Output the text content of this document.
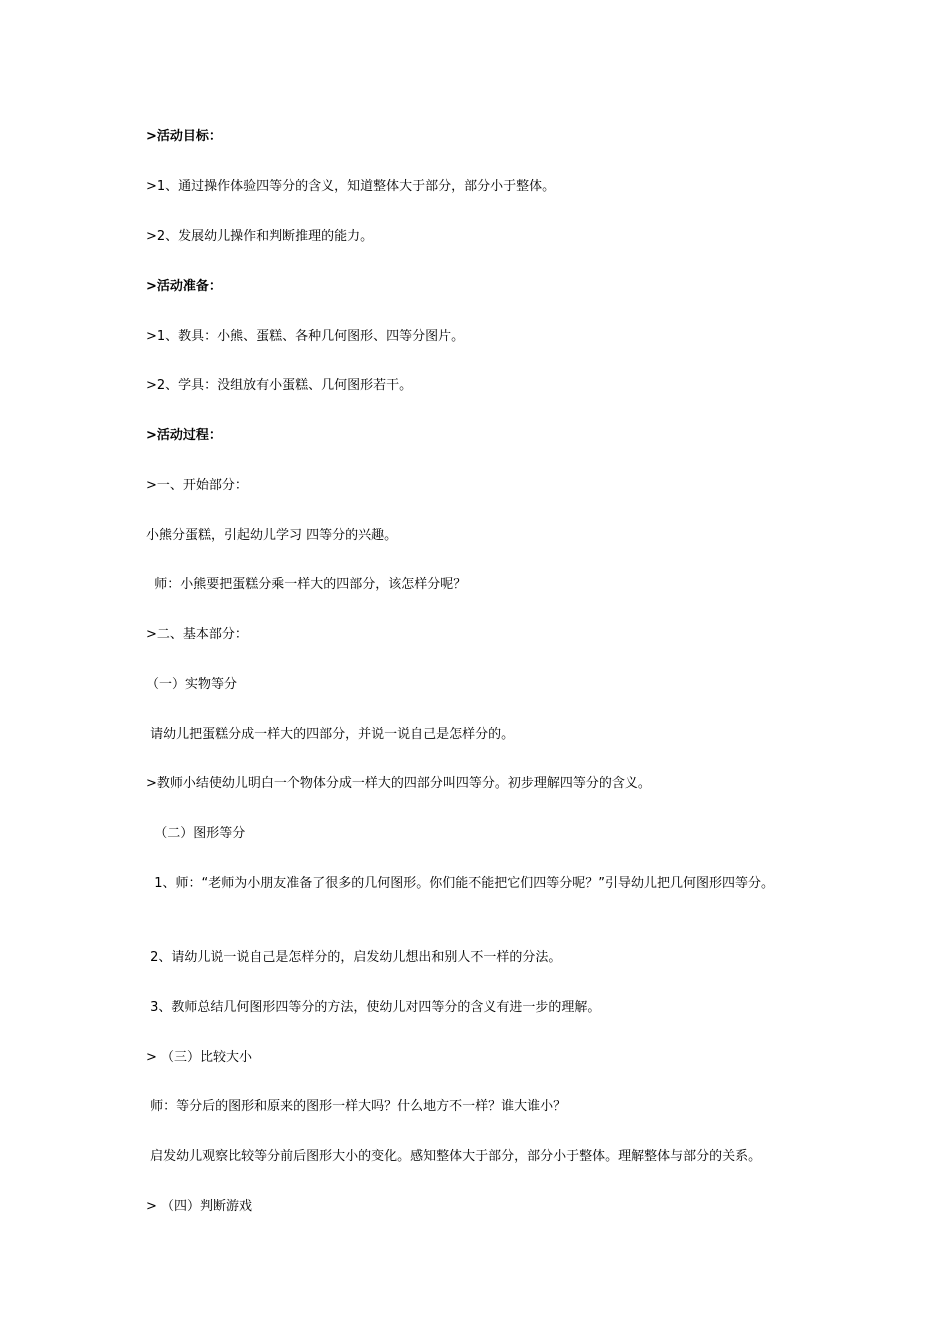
>活动目标：
>1、通过操作体验四等分的含义，知道整体大于部分，部分小于整体。
>2、发展幼儿操作和判断推理的能力。
>活动准备：
>1、教具：小熊、蛋糕、各种几何图形、四等分图片。
>2、学具：没组放有小蛋糕、几何图形若干。
>活动过程：
>一、开始部分：
小熊分蛋糕，引起幼儿学习 四等分的兴趣。
师：小熊要把蛋糕分乘一样大的四部分，该怎样分呢？
>二、基本部分：
（一）实物等分
请幼儿把蛋糕分成一样大的四部分，并说一说自己是怎样分的。
>教师小结使幼儿明白一个物体分成一样大的四部分叫四等分。初步理解四等分的含义。
（二）图形等分
1、师：“老师为小朋友准备了很多的几何图形。你们能不能把它们四等分呢？”引导幼儿把几何图形四等分。
2、请幼儿说一说自己是怎样分的，启发幼儿想出和别人不一样的分法。
3、教师总结几何图形四等分的方法，使幼儿对四等分的含义有进一步的理解。
> （三）比较大小
师：等分后的图形和原来的图形一样大吗？什么地方不一样？谁大谁小？
启发幼儿观察比较等分前后图形大小的变化。感知整体大于部分，部分小于整体。理解整体与部分的关系。
> （四）判断游戏
